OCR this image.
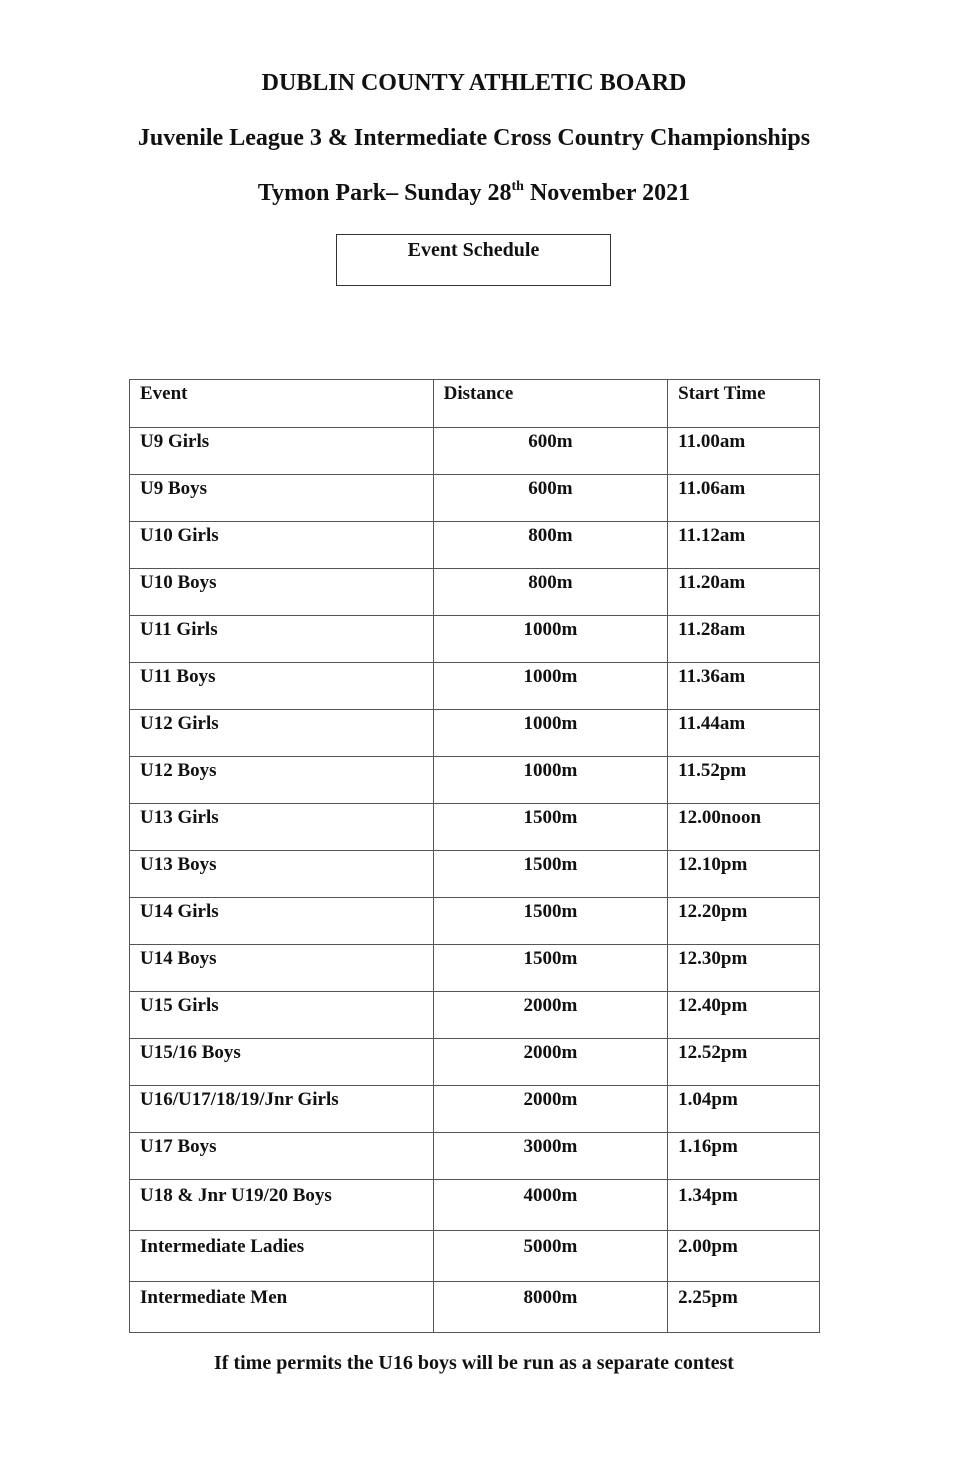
DUBLIN COUNTY ATHLETIC BOARD
Juvenile League 3 & Intermediate Cross Country Championships
Tymon Park– Sunday 28th November 2021
Event Schedule
Event	Distance	Start Time
U9 Girls	600m	11.00am
U9 Boys	600m	11.06am
U10 Girls	800m	11.12am
U10 Boys	800m	11.20am
U11 Girls	1000m	11.28am
U11 Boys	1000m	11.36am
U12 Girls	1000m	11.44am
U12 Boys	1000m	11.52pm
U13 Girls	1500m	12.00noon
U13 Boys	1500m	12.10pm
U14 Girls	1500m	12.20pm
U14 Boys	1500m	12.30pm
U15 Girls	2000m	12.40pm
U15/16 Boys	2000m	12.52pm
U16/U17/18/19/Jnr Girls	2000m	1.04pm
U17 Boys	3000m	1.16pm
U18 & Jnr U19/20 Boys	4000m	1.34pm
Intermediate Ladies	5000m	2.00pm
Intermediate Men	8000m	2.25pm
If time permits the U16 boys will be run as a separate contest
